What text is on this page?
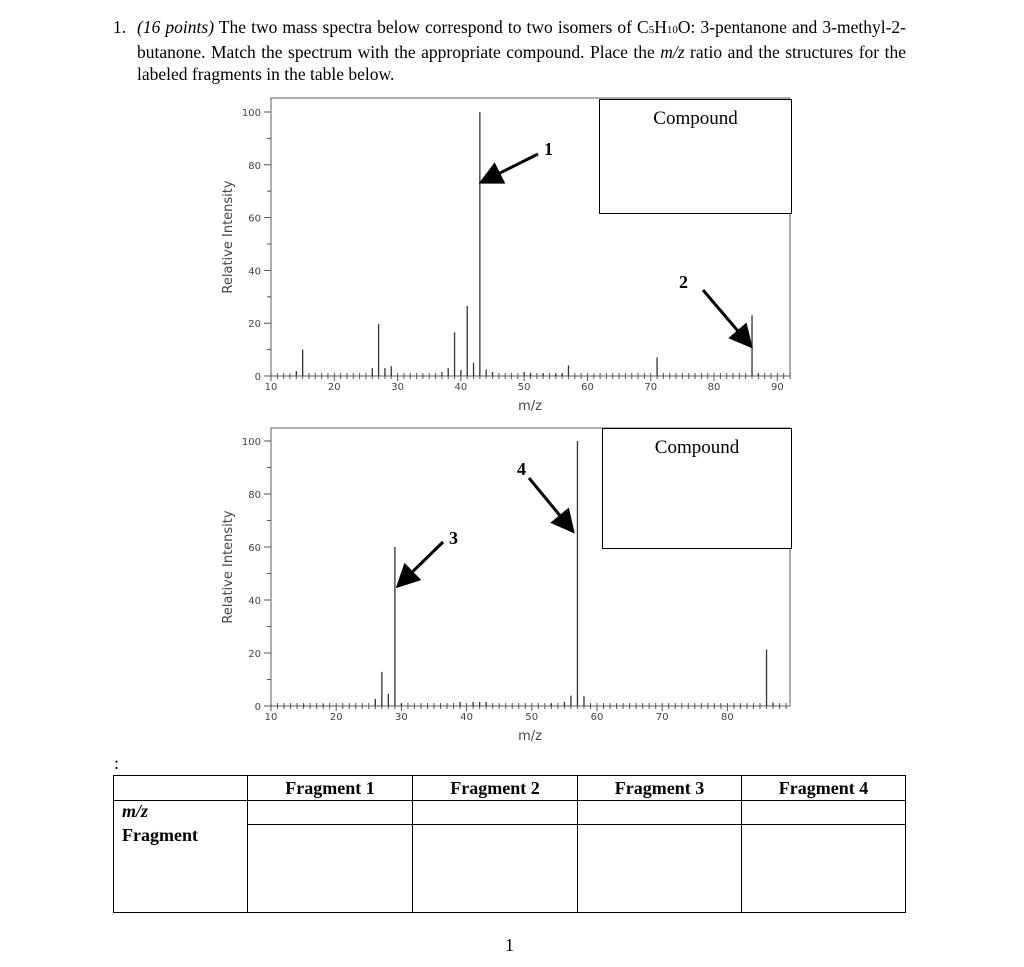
1. (16 points) The two mass spectra below correspond to two isomers of C5H10O: 3-pentanone and 3-methyl-2-butanone. Match the spectrum with the appropriate compound. Place the m/z ratio and the structures for the labeled fragments in the table below.
0
20
40
60
80
100
10	20	30	40	50	60	70	80	90
m/z
Relative Intensity
0
20
40
60
80
100
10	20	30	40	50	60	70	80
m/z
Relative Intensity
Compound
Compound
1
2
3
4
:
	Fragment 1	Fragment 2	Fragment 3	Fragment 4
m/z				
Fragment				
1
